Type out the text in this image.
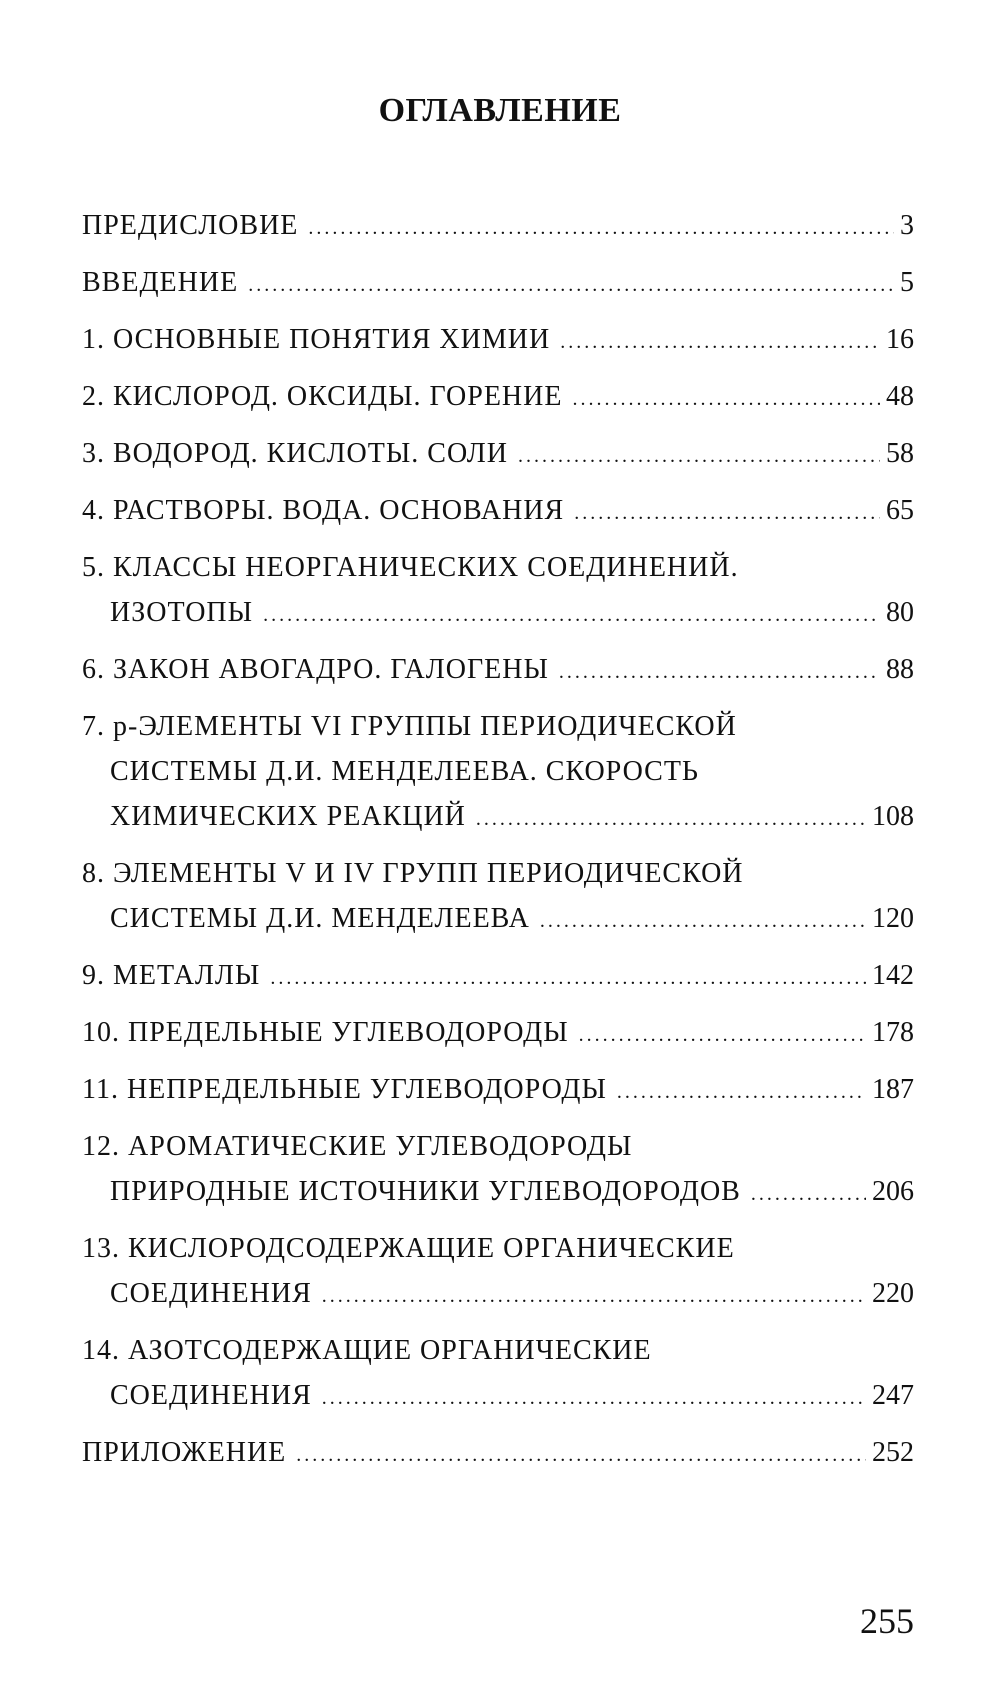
ОГЛАВЛЕНИЕ
ПРЕДИСЛОВИЕ . . .	3
ВВЕДЕНИЕ . . .	5
1. ОСНОВНЫЕ ПОНЯТИЯ ХИМИИ . . .	16
2. КИСЛОРОД. ОКСИДЫ. ГОРЕНИЕ . . .	48
3. ВОДОРОД. КИСЛОТЫ. СОЛИ . . .	58
4. РАСТВОРЫ. ВОДА. ОСНОВАНИЯ . . .	65
5. КЛАССЫ НЕОРГАНИЧЕСКИХ СОЕДИНЕНИЙ.
ИЗОТОПЫ . . .	80
6. ЗАКОН АВОГАДРО. ГАЛОГЕНЫ . . .	88
7. p-ЭЛЕМЕНТЫ VI ГРУППЫ ПЕРИОДИЧЕСКОЙ
СИСТЕМЫ Д.И. МЕНДЕЛЕЕВА. СКОРОСТЬ
ХИМИЧЕСКИХ РЕАКЦИЙ . . .	108
8. ЭЛЕМЕНТЫ V И IV ГРУПП ПЕРИОДИЧЕСКОЙ
СИСТЕМЫ Д.И. МЕНДЕЛЕЕВА . . .	120
9. МЕТАЛЛЫ . . .	142
10. ПРЕДЕЛЬНЫЕ УГЛЕВОДОРОДЫ . . .	178
11. НЕПРЕДЕЛЬНЫЕ УГЛЕВОДОРОДЫ . . .	187
12. АРОМАТИЧЕСКИЕ УГЛЕВОДОРОДЫ
ПРИРОДНЫЕ ИСТОЧНИКИ УГЛЕВОДОРОДОВ . . .	206
13. КИСЛОРОДСОДЕРЖАЩИЕ ОРГАНИЧЕСКИЕ
СОЕДИНЕНИЯ . . .	220
14. АЗОТСОДЕРЖАЩИЕ ОРГАНИЧЕСКИЕ
СОЕДИНЕНИЯ . . .	247
ПРИЛОЖЕНИЕ . . .	252
255
